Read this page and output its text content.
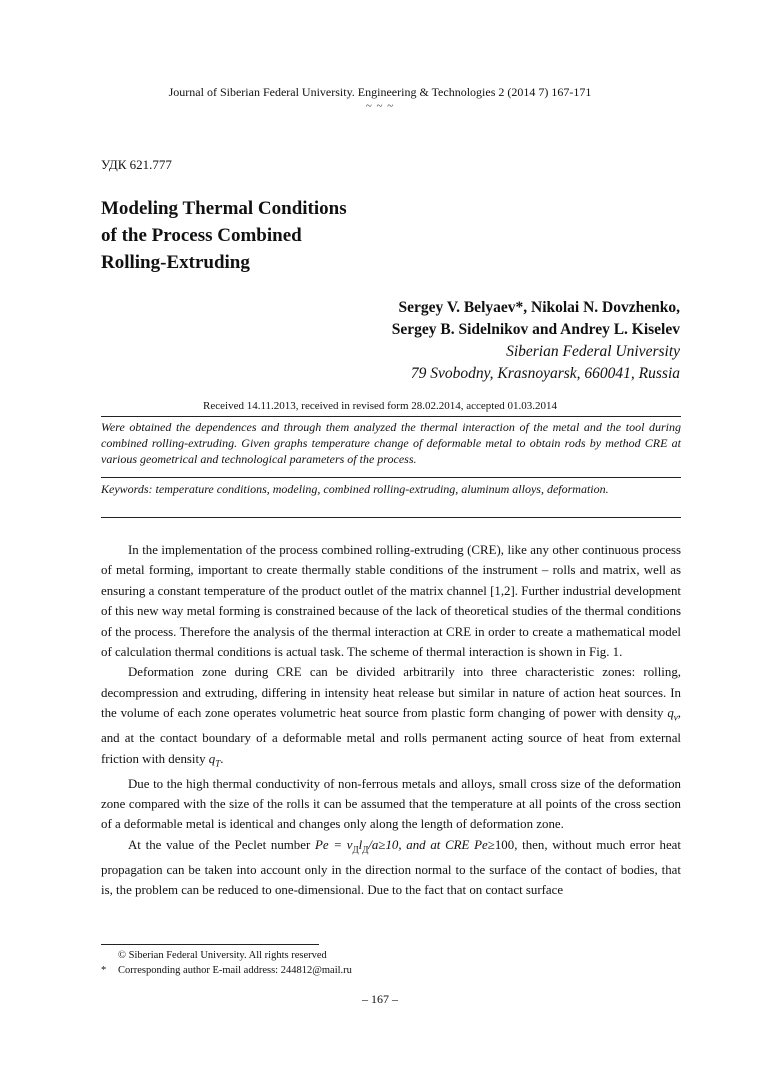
Journal of Siberian Federal University. Engineering & Technologies 2 (2014 7) 167-171
~ ~ ~
УДК 621.777
Modeling Thermal Conditions
of the Process Combined
Rolling-Extruding
Sergey V. Belyaev*, Nikolai N. Dovzhenko,
Sergey B. Sidelnikov and Andrey L. Kiselev
Siberian Federal University
79 Svobodny, Krasnoyarsk, 660041, Russia
Received 14.11.2013, received in revised form 28.02.2014, accepted 01.03.2014
Were obtained the dependences and through them analyzed the thermal interaction of the metal and the tool during combined rolling-extruding. Given graphs temperature change of deformable metal to obtain rods by method CRE at various geometrical and technological parameters of the process.
Keywords: temperature conditions, modeling, combined rolling-extruding, aluminum alloys, deformation.

In the implementation of the process combined rolling-extruding (CRE), like any other continuous process of metal forming, important to create thermally stable conditions of the instrument – rolls and matrix, well as ensuring a constant temperature of the product outlet of the matrix channel [1,2]. Further industrial development of this new way metal forming is constrained because of the lack of theoretical studies of the thermal conditions of the process. Therefore the analysis of the thermal interaction at CRE in order to create a mathematical model of calculation thermal conditions is actual task. The scheme of thermal interaction is shown in Fig. 1.

Deformation zone during CRE can be divided arbitrarily into three characteristic zones: rolling, decompression and extruding, differing in intensity heat release but similar in nature of action heat sources. In the volume of each zone operates volumetric heat source from plastic form changing of power with density $q_v$, and at the contact boundary of a deformable metal and rolls permanent acting source of heat from external friction with density $q_T$.

Due to the high thermal conductivity of non-ferrous metals and alloys, small cross size of the deformation zone compared with the size of the rolls it can be assumed that the temperature at all points of the cross section of a deformable metal is identical and changes only along the length of deformation zone.

At the value of the Peclet number $Pe = v_Дl_Д/a\ge 10$, and at CRE Pe≥100, then, without much error heat propagation can be taken into account only in the direction normal to the surface of the contact of bodies, that is, the problem can be reduced to one-dimensional. Due to the fact that on contact surface

© Siberian Federal University. All rights reserved
* Corresponding author E-mail address: 244812@mail.ru
– 167 –
